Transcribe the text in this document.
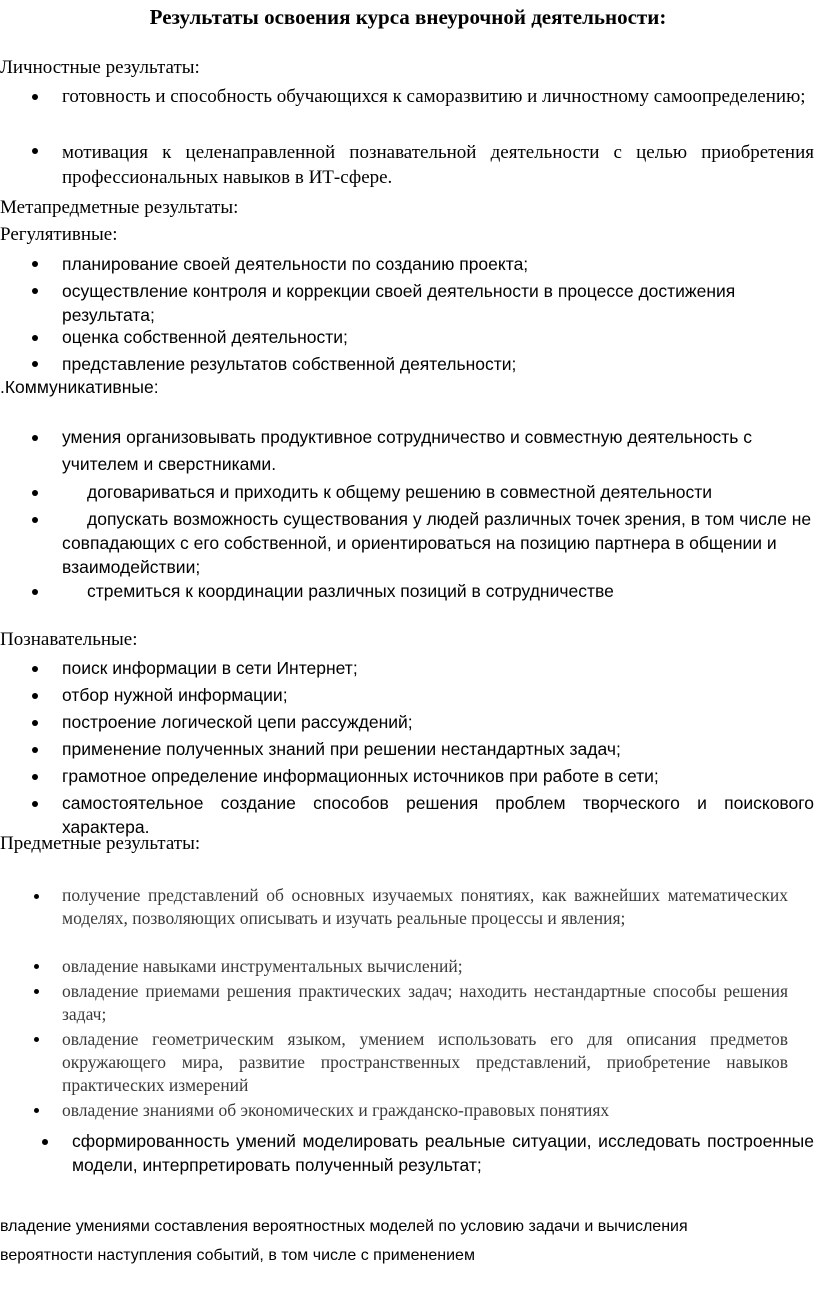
Результаты освоения курса внеурочной деятельности:
Личностные результаты:
готовность и способность обучающихся к саморазвитию и личностному самоопределению;
мотивация к целенаправленной познавательной деятельности с целью приобретения профессиональных навыков в ИТ-сфере.
Метапредметные результаты:
Регулятивные:
планирование своей деятельности по созданию проекта;
осуществление контроля и коррекции своей деятельности в процессе достижения результата;
оценка собственной деятельности;
представление результатов собственной деятельности;
.Коммуникативные:
умения организовывать продуктивное сотрудничество и совместную деятельность с учителем и сверстниками.
договариваться и приходить к общему решению в совместной деятельности
допускать возможность существования у людей различных точек зрения, в том числе не совпадающих с его собственной, и ориентироваться на позицию партнера в общении и взаимодействии;
стремиться к координации различных позиций в сотрудничестве
Познавательные:
поиск информации в сети Интернет;
отбор нужной информации;
построение логической цепи рассуждений;
применение полученных знаний при решении нестандартных задач;
грамотное определение информационных источников при работе в сети;
самостоятельное создание способов решения проблем творческого и поискового характера.
Предметные результаты:
получение представлений об основных изучаемых понятиях, как важнейших математических моделях, позволяющих описывать и изучать реальные процессы и явления;
овладение навыками инструментальных вычислений;
овладение приемами решения практических задач; находить нестандартные способы решения задач;
овладение геометрическим языком, умением использовать его для описания предметов окружающего мира, развитие пространственных представлений, приобретение навыков практических измерений
овладение знаниями об экономических и гражданско-правовых понятиях
сформированность умений моделировать реальные ситуации, исследовать построенные модели, интерпретировать полученный результат;
владение умениями составления вероятностных моделей по условию задачи и вычисления вероятности наступления событий, в том числе с применением
